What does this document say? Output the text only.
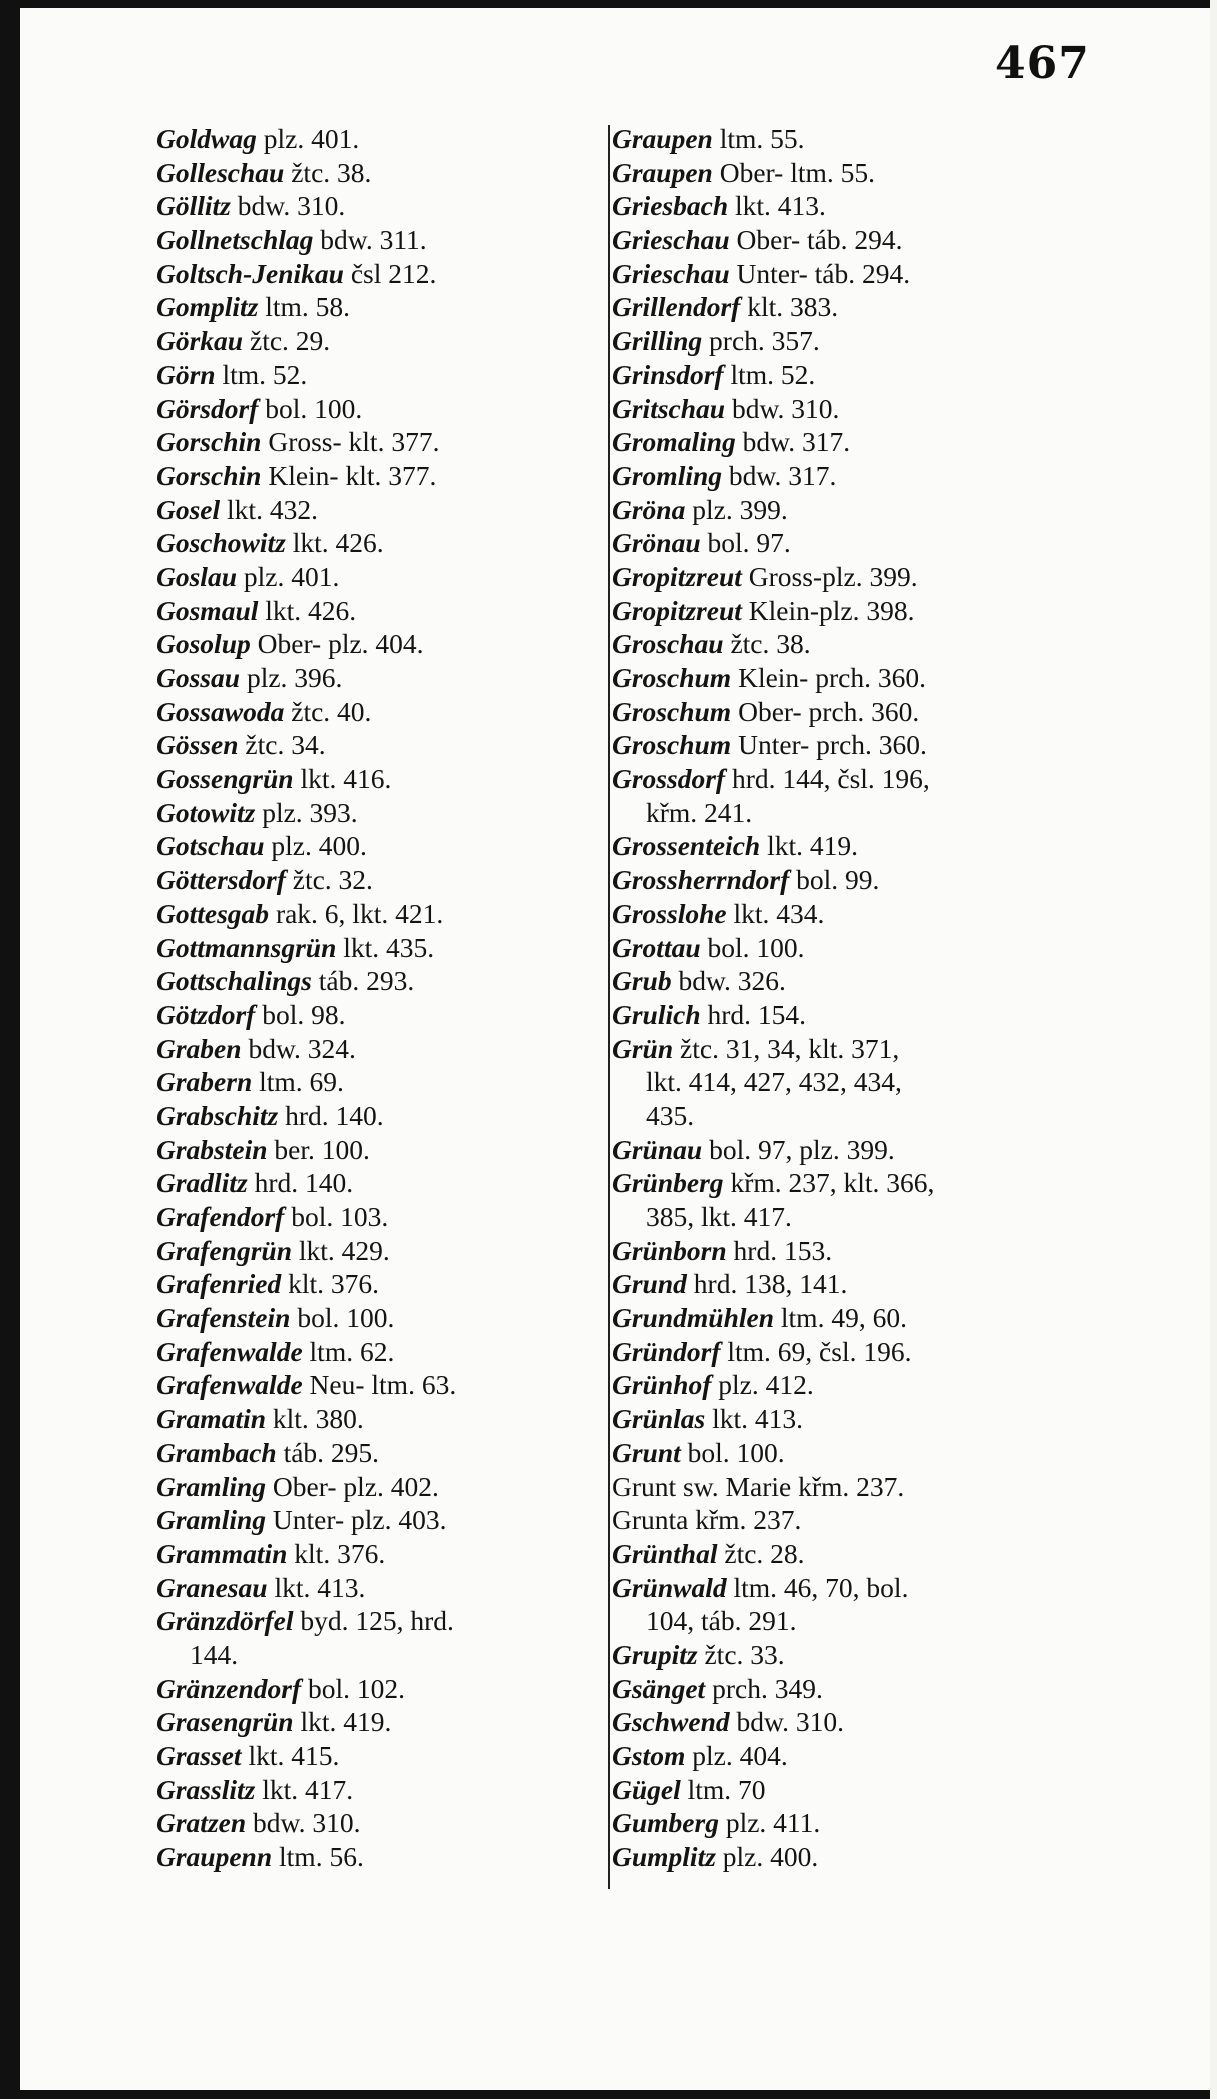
467
Goldwag plz. 401.
Golleschau žtc. 38.
Göllitz bdw. 310.
Gollnetschlag bdw. 311.
Goltsch-Jenikau čsl 212.
Gomplitz ltm. 58.
Görkau žtc. 29.
Görn ltm. 52.
Görsdorf bol. 100.
Gorschin Gross- klt. 377.
Gorschin Klein- klt. 377.
Gosel lkt. 432.
Goschowitz lkt. 426.
Goslau plz. 401.
Gosmaul lkt. 426.
Gosolup Ober- plz. 404.
Gossau plz. 396.
Gossawoda žtc. 40.
Gössen žtc. 34.
Gossengrün lkt. 416.
Gotowitz plz. 393.
Gotschau plz. 400.
Göttersdorf žtc. 32.
Gottesgab rak. 6, lkt. 421.
Gottmannsgrün lkt. 435.
Gottschalings táb. 293.
Götzdorf bol. 98.
Graben bdw. 324.
Grabern ltm. 69.
Grabschitz hrd. 140.
Grabstein ber. 100.
Gradlitz hrd. 140.
Grafendorf bol. 103.
Grafengrün lkt. 429.
Grafenried klt. 376.
Grafenstein bol. 100.
Grafenwalde ltm. 62.
Grafenwalde Neu- ltm. 63.
Gramatin klt. 380.
Grambach táb. 295.
Gramling Ober- plz. 402.
Gramling Unter- plz. 403.
Grammatin klt. 376.
Granesau lkt. 413.
Gränzdörfel byd. 125, hrd.
144.
Gränzendorf bol. 102.
Grasengrün lkt. 419.
Grasset lkt. 415.
Grasslitz lkt. 417.
Gratzen bdw. 310.
Graupenn ltm. 56.
Graupen ltm. 55.
Graupen Ober- ltm. 55.
Griesbach lkt. 413.
Grieschau Ober- táb. 294.
Grieschau Unter- táb. 294.
Grillendorf klt. 383.
Grilling prch. 357.
Grinsdorf ltm. 52.
Gritschau bdw. 310.
Gromaling bdw. 317.
Gromling bdw. 317.
Gröna plz. 399.
Grönau bol. 97.
Gropitzreut Gross-plz. 399.
Gropitzreut Klein-plz. 398.
Groschau žtc. 38.
Groschum Klein- prch. 360.
Groschum Ober- prch. 360.
Groschum Unter- prch. 360.
Grossdorf hrd. 144, čsl. 196,
křm. 241.
Grossenteich lkt. 419.
Grossherrndorf bol. 99.
Grosslohe lkt. 434.
Grottau bol. 100.
Grub bdw. 326.
Grulich hrd. 154.
Grün žtc. 31, 34, klt. 371,
lkt. 414, 427, 432, 434,
435.
Grünau bol. 97, plz. 399.
Grünberg křm. 237, klt. 366,
385, lkt. 417.
Grünborn hrd. 153.
Grund hrd. 138, 141.
Grundmühlen ltm. 49, 60.
Gründorf ltm. 69, čsl. 196.
Grünhof plz. 412.
Grünlas lkt. 413.
Grunt bol. 100.
Grunt sw. Marie křm. 237.
Grunta křm. 237.
Grünthal žtc. 28.
Grünwald ltm. 46, 70, bol.
104, táb. 291.
Grupitz žtc. 33.
Gsänget prch. 349.
Gschwend bdw. 310.
Gstom plz. 404.
Gügel ltm. 70
Gumberg plz. 411.
Gumplitz plz. 400.
